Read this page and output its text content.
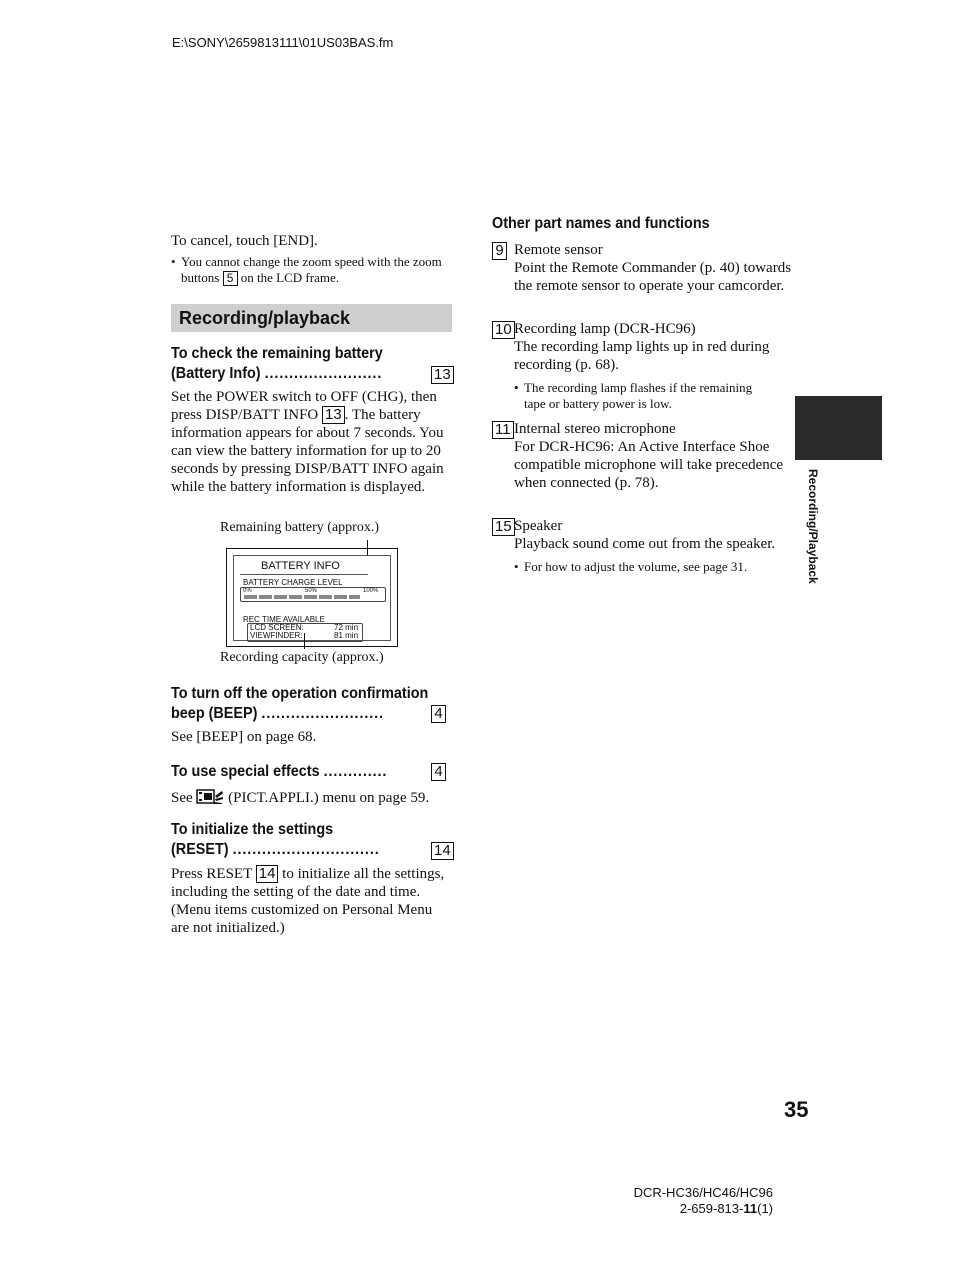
E:\SONY\2659813111\01US03BAS.fm
To cancel, touch [END].
• You cannot change the zoom speed with the zoom buttons 5 on the LCD frame.
Recording/playback
To check the remaining battery
(Battery Info) ........................	13
Set the POWER switch to OFF (CHG), then press DISP/BATT INFO 13 . The battery information appears for about 7 seconds. You can view the battery information for up to 20 seconds by pressing DISP/BATT INFO again while the battery information is displayed.
Remaining battery (approx.)
BATTERY INFO
BATTERY CHARGE LEVEL
0%	50%	100%
REC TIME AVAILABLE
LCD SCREEN:	72 min
VIEWFINDER:	81 min
Recording capacity (approx.)
To turn off the operation confirmation
beep (BEEP) .........................	4
See [BEEP] on page 68.
To use special effects .............	4
See (PICT.APPLI.) menu on page 59.
To initialize the settings
(RESET) ..............................	14
Press RESET 14 to initialize all the settings, including the setting of the date and time.
(Menu items customized on Personal Menu are not initialized.)
Other part names and functions
9 Remote sensor
Point the Remote Commander (p. 40) towards the remote sensor to operate your camcorder.
10 Recording lamp (DCR-HC96)
The recording lamp lights up in red during recording (p. 68).
• The recording lamp flashes if the remaining tape or battery power is low.
11 Internal stereo microphone
For DCR-HC96: An Active Interface Shoe compatible microphone will take precedence when connected (p. 78).
15 Speaker
Playback sound come out from the speaker.
• For how to adjust the volume, see page 31.	Recording/Playback
35
DCR-HC36/HC46/HC96
2-659-813-11(1)
